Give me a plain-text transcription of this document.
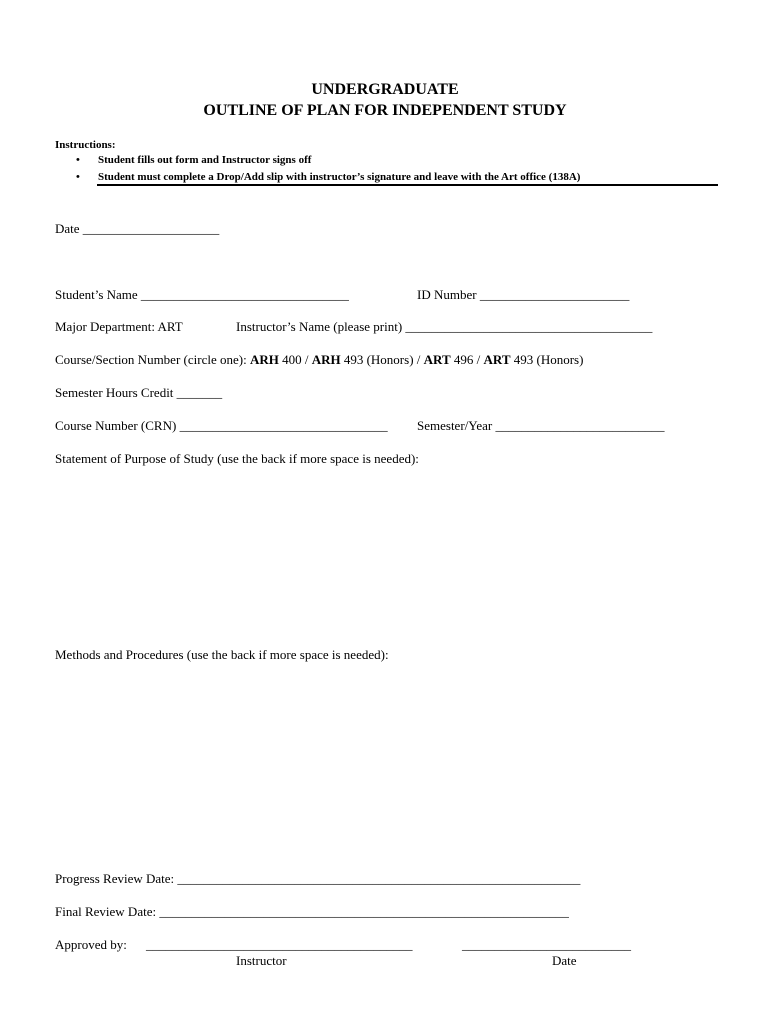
UNDERGRADUATE
OUTLINE OF PLAN FOR INDEPENDENT STUDY
Instructions:
• Student fills out form and Instructor signs off
• Student must complete a Drop/Add slip with instructor’s signature and leave with the Art office (138A)
Date _____________________
Student’s Name ________________________________	ID Number _______________________
Major Department: ART	Instructor’s Name (please print) ______________________________________
Course/Section Number (circle one): ARH 400 / ARH 493 (Honors) / ART 496 / ART 493 (Honors)
Semester Hours Credit _______
Course Number (CRN) ________________________________ Semester/Year __________________________
Statement of Purpose of Study (use the back if more space is needed):
Methods and Procedures (use the back if more space is needed):
Progress Review Date: ______________________________________________________________
Final Review Date: _______________________________________________________________
Approved by: _________________________________________	__________________________
Instructor	Date
